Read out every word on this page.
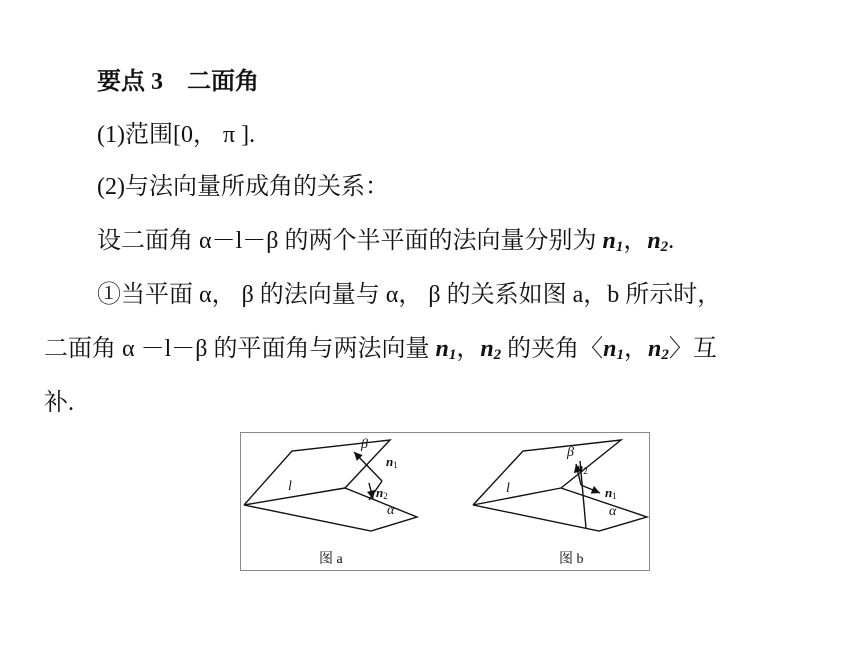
要点 3 二面角
(1)范围[0， π ].
(2)与法向量所成角的关系：
设二面角 α－l－β 的两个半平面的法向量分别为 $n_1$，$n_2$.
①当平面 α， β 的法向量与 α， β 的关系如图 a，b 所示时，
二面角 α －l－β 的平面角与两法向量 $n_1$，$n_2$ 的夹角〈$n_1$，$n_2$〉互
补.
β
$n_1$
l	$n_2$
α
图 a
β
$n_2$
l	$n_1$
α
图 b
